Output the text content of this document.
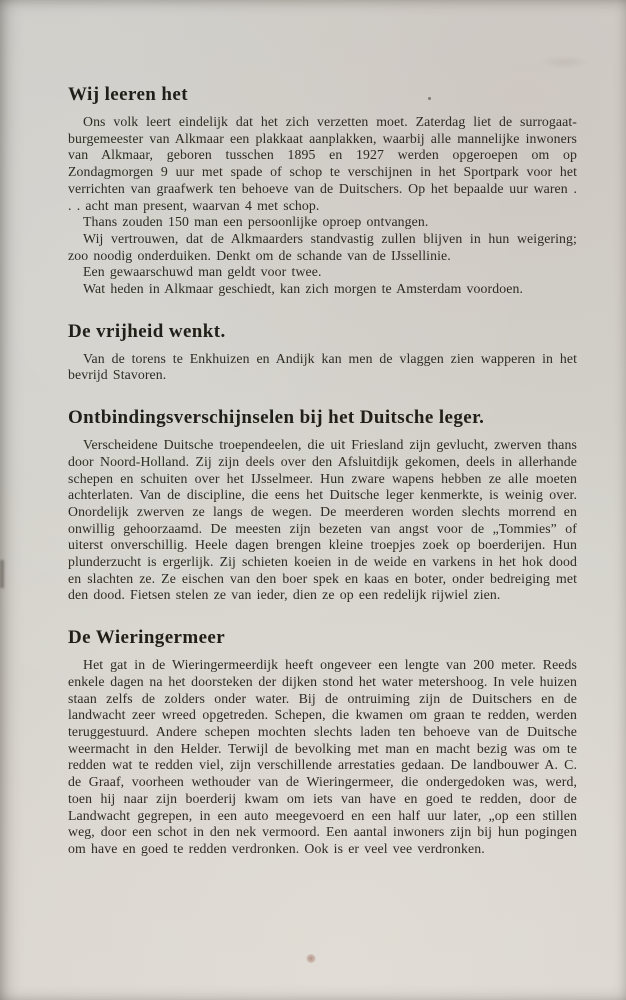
Wij leeren het

Ons volk leert eindelijk dat het zich verzetten moet. Zaterdag liet de surrogaat-burgemeester van Alkmaar een plakkaat aanplakken, waarbij alle mannelijke inwoners van Alkmaar, geboren tusschen 1895 en 1927 werden opgeroepen om op Zondagmorgen 9 uur met spade of schop te verschijnen in het Sportpark voor het verrichten van graafwerk ten behoeve van de Duitschers. Op het bepaalde uur waren . . . acht man present, waarvan 4 met schop.

Thans zouden 150 man een persoonlijke oproep ontvangen.

Wij vertrouwen, dat de Alkmaarders standvastig zullen blijven in hun weigering; zoo noodig onderduiken. Denkt om de schande van de IJssellinie.

Een gewaarschuwd man geldt voor twee.

Wat heden in Alkmaar geschiedt, kan zich morgen te Amsterdam voordoen.

De vrijheid wenkt.

Van de torens te Enkhuizen en Andijk kan men de vlaggen zien wapperen in het bevrijd Stavoren.

Ontbindingsverschijnselen bij het Duitsche leger.

Verscheidene Duitsche troependeelen, die uit Friesland zijn gevlucht, zwerven thans door Noord-Holland. Zij zijn deels over den Afsluitdijk gekomen, deels in allerhande schepen en schuiten over het IJsselmeer. Hun zware wapens hebben ze alle moeten achterlaten. Van de discipline, die eens het Duitsche leger kenmerkte, is weinig over. Onordelijk zwerven ze langs de wegen. De meerderen worden slechts morrend en onwillig gehoorzaamd. De meesten zijn bezeten van angst voor de „Tommies” of uiterst onverschillig. Heele dagen brengen kleine troepjes zoek op boerderijen. Hun plunderzucht is ergerlijk. Zij schieten koeien in de weide en varkens in het hok dood en slachten ze. Ze eischen van den boer spek en kaas en boter, onder bedreiging met den dood. Fietsen stelen ze van ieder, dien ze op een redelijk rijwiel zien.

De Wieringermeer

Het gat in de Wieringermeerdijk heeft ongeveer een lengte van 200 meter. Reeds enkele dagen na het doorsteken der dijken stond het water metershoog. In vele huizen staan zelfs de zolders onder water. Bij de ontruiming zijn de Duitschers en de landwacht zeer wreed opgetreden. Schepen, die kwamen om graan te redden, werden teruggestuurd. Andere schepen mochten slechts laden ten behoeve van de Duitsche weermacht in den Helder. Terwijl de bevolking met man en macht bezig was om te redden wat te redden viel, zijn verschillende arrestaties gedaan. De landbouwer A. C. de Graaf, voorheen wethouder van de Wieringermeer, die ondergedoken was, werd, toen hij naar zijn boerderij kwam om iets van have en goed te redden, door de Landwacht gegrepen, in een auto meegevoerd en een half uur later, „op een stillen weg, door een schot in den nek vermoord. Een aantal inwoners zijn bij hun pogingen om have en goed te redden verdronken. Ook is er veel vee verdronken.
